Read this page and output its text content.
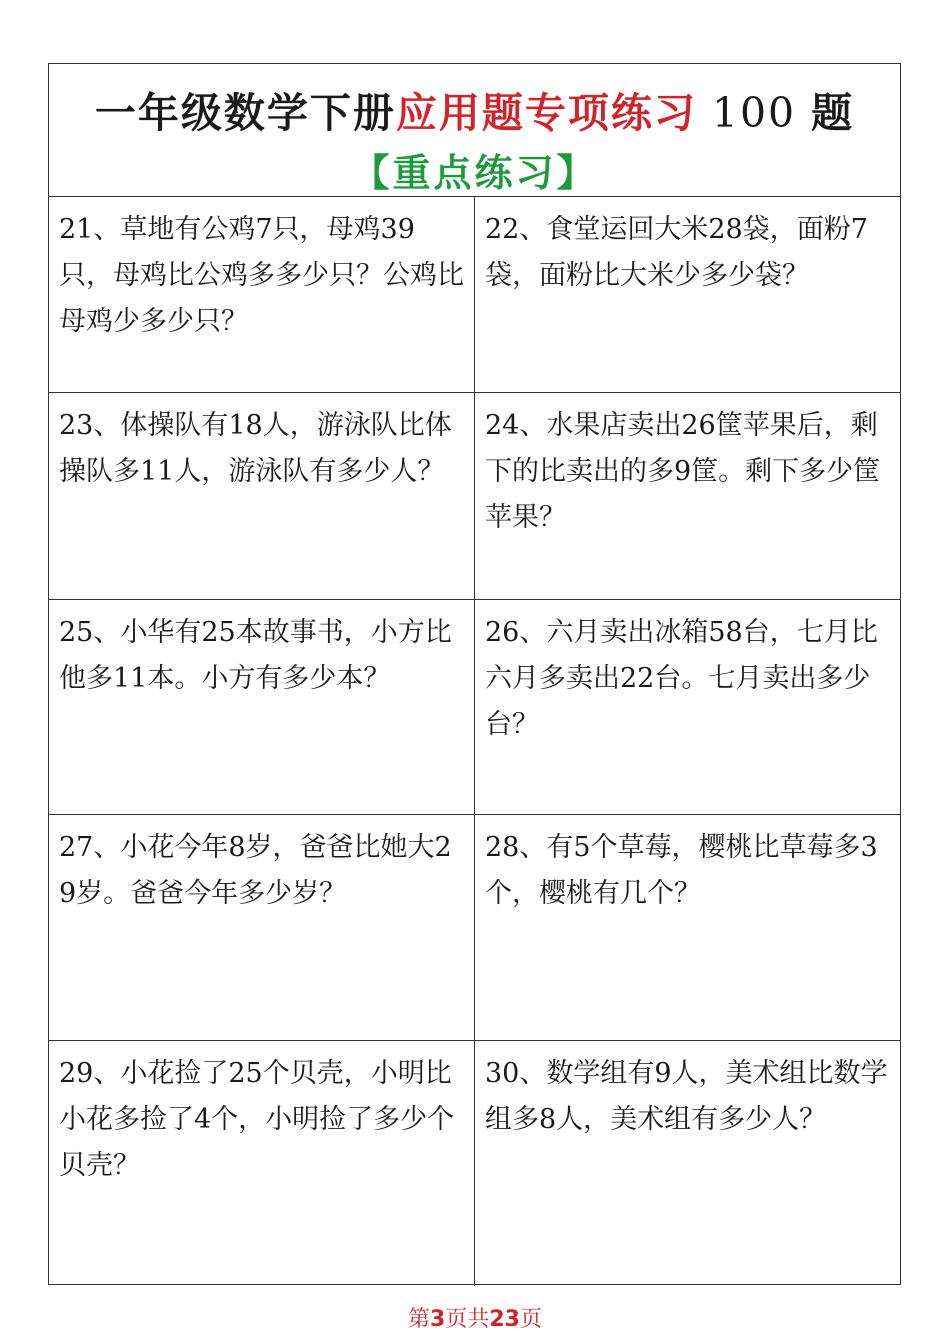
一年级数学下册应用题专项练习 100 题
【重点练习】
21、草地有公鸡7只，母鸡39只，母鸡比公鸡多多少只？公鸡比母鸡少多少只？
22、食堂运回大米28袋，面粉7袋，面粉比大米少多少袋？
23、体操队有18人，游泳队比体操队多11人，游泳队有多少人？
24、水果店卖出26筐苹果后，剩下的比卖出的多9筐。剩下多少筐苹果？
25、小华有25本故事书，小方比他多11本。小方有多少本？
26、六月卖出冰箱58台，七月比六月多卖出22台。七月卖出多少台？
27、小花今年8岁，爸爸比她大29岁。爸爸今年多少岁？
28、有5个草莓，樱桃比草莓多3个，樱桃有几个？
29、小花捡了25个贝壳，小明比小花多捡了4个，小明捡了多少个贝壳？
30、数学组有9人，美术组比数学组多8人，美术组有多少人？
第3页共23页
